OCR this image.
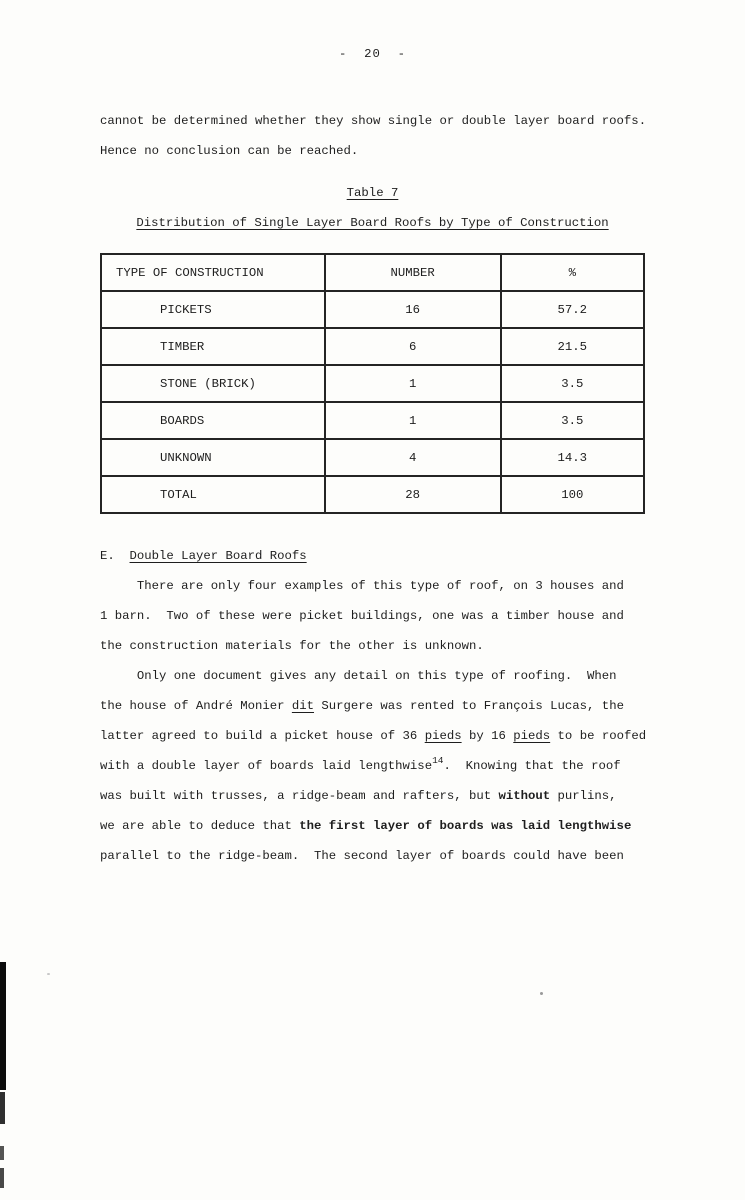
-  20  -
cannot be determined whether they show single or double layer board roofs.
Hence no conclusion can be reached.
Table 7
Distribution of Single Layer Board Roofs by Type of Construction
TYPE OF CONSTRUCTION	NUMBER	%
PICKETS	16	57.2
TIMBER	6	21.5
STONE (BRICK)	1	3.5
BOARDS	1	3.5
UNKNOWN	4	14.3
TOTAL	28	100
E.  Double Layer Board Roofs
There are only four examples of this type of roof, on 3 houses and
1 barn.  Two of these were picket buildings, one was a timber house and
the construction materials for the other is unknown.
Only one document gives any detail on this type of roofing.  When
the house of André Monier dit Surgere was rented to François Lucas, the
latter agreed to build a picket house of 36 pieds by 16 pieds to be roofed
with a double layer of boards laid lengthwise$^{14}$.  Knowing that the roof
was built with trusses, a ridge-beam and rafters, but without purlins,
we are able to deduce that the first layer of boards was laid lengthwise
parallel to the ridge-beam.  The second layer of boards could have been
